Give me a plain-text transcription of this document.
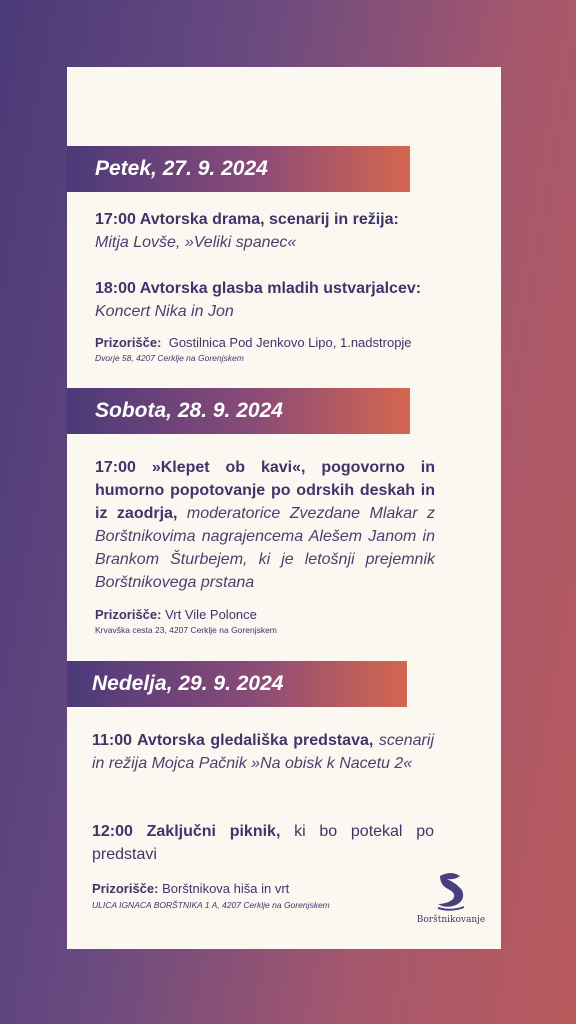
Petek, 27. 9. 2024
17:00 Avtorska drama, scenarij in režija:
Mitja Lovše, »Veliki spanec«
18:00 Avtorska glasba mladih ustvarjalcev: Koncert Nika in Jon
Prizorišče: Gostilnica Pod Jenkovo Lipo, 1.nadstropje
Dvorje 58, 4207 Cerklje na Gorenjskem
Sobota, 28. 9. 2024
17:00 »Klepet ob kavi«, pogovorno in humorno popotovanje po odrskih deskah in iz zaodrja, moderatorice Zvezdane Mlakar z Borštnikovima nagrajencema Alešem Janom in Brankom Šturbejem, ki je letošnji prejemnik Borštnikovega prstana
Prizorišče: Vrt Vile Polonce
Krvavška cesta 23, 4207 Cerklje na Gorenjskem
Nedelja, 29. 9. 2024
11:00 Avtorska gledališka predstava, scenarij in režija Mojca Pačnik »Na obisk k Nacetu 2«
12:00 Zaključni piknik, ki bo potekal po predstavi
Prizorišče: Borštnikova hiša in vrt
ULICA IGNACA BORŠTNIKA 1 A, 4207 Cerklje na Gorenjskem
Borštnikovanje
